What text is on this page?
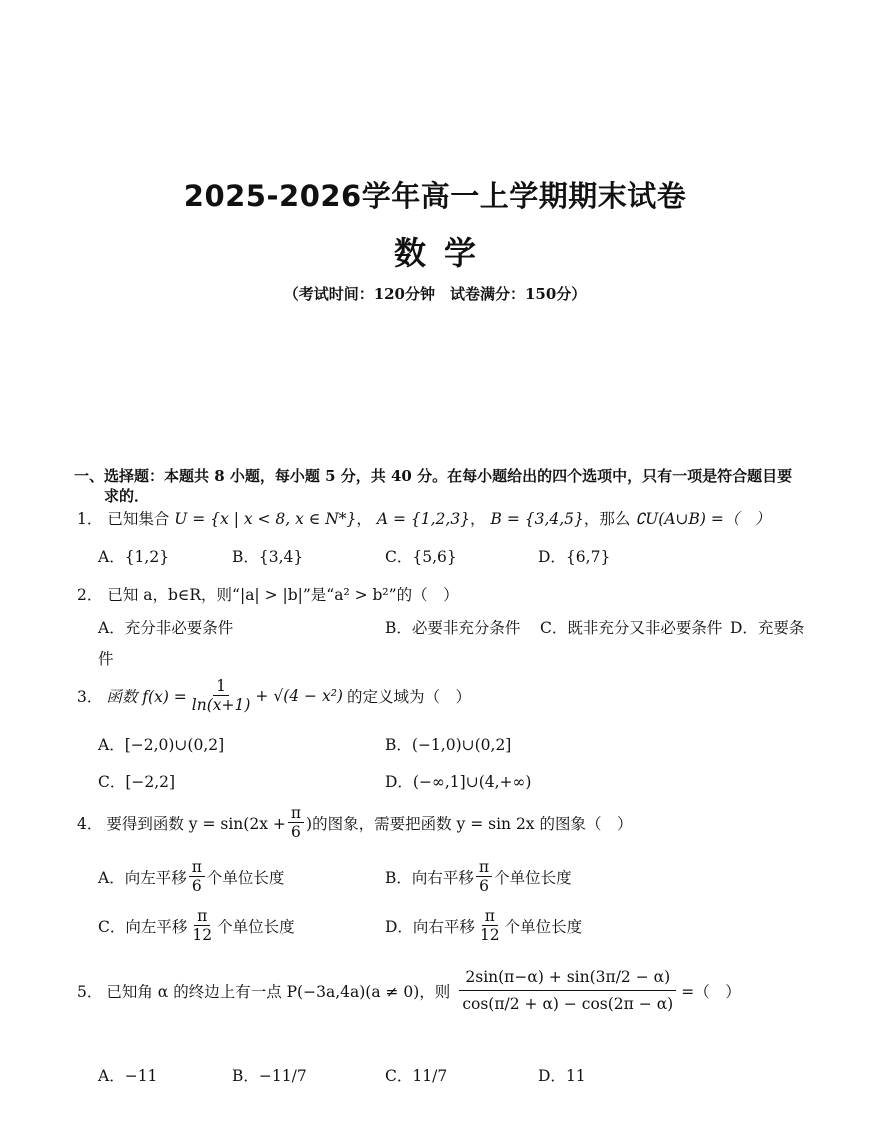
2025-2026学年高一上学期期末试卷
数学
（考试时间：120分钟　试卷满分：150分）
一、选择题：本题共 8 小题，每小题 5 分，共 40 分。在每小题给出的四个选项中，只有一项是符合题目要
求的．
1． 已知集合 U = {x | x < 8, x ∈ N*}， A = {1,2,3}， B = {3,4,5}，那么 ∁U(A∪B) =（　）
A．{1,2}	B．{3,4}	C．{5,6}	D．{6,7}
2． 已知 a，b∈R，则“|a| > |b|”是“a² > b²”的（　）
A．充分非必要条件	B．必要非充分条件 C．既非充分又非必要条件 D．充要条
件
3． 函数 $f(x) = \frac{1}{\ln(x+1)} + √(4 - x^2)$ 的定义域为（　）
A．[−2,0)∪(0,2]	B．(−1,0)∪(0,2]
C．[−2,2]	D．(−∞,1]∪(4,+∞)
4． 要得到函数 $y = \sin(2x + \frac{\pi}{6}$ )的图象，需要把函数 y = sin 2x 的图象（　）
A．向左平移 $\frac{\pi}{6}$ 个单位长度	B．向右平移 $\frac{\pi}{6}$ 个单位长度
C．向左平移 $\frac{\pi}{12}$ 个单位长度	D．向右平移 $\frac{\pi}{12}$ 个单位长度
5． 已知角 α 的终边上有一点 P(−3a,4a)(a ≠ 0)，则 $\frac{2\sin(\pi-\alpha) + \sin(3\pi/2 - \alpha)}{\cos(\pi/2 + \alpha) - \cos(2\pi - \alpha)}$ =（　）
A．−11	B．−11/7	C．11/7	D．11
